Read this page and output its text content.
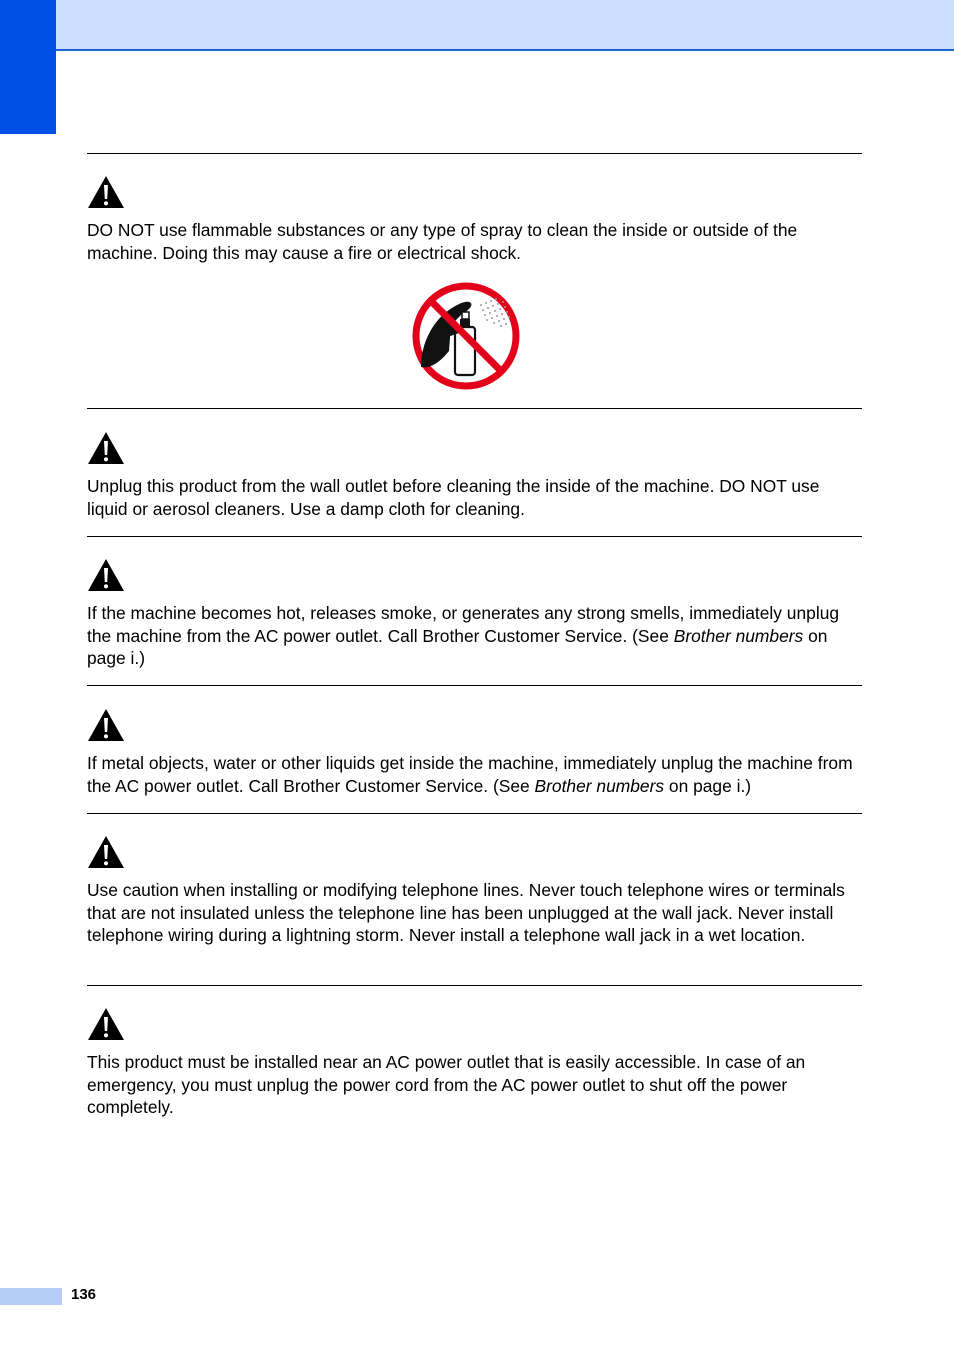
DO NOT use flammable substances or any type of spray to clean the inside or outside of the machine. Doing this may cause a fire or electrical shock.

Unplug this product from the wall outlet before cleaning the inside of the machine. DO NOT use liquid or aerosol cleaners. Use a damp cloth for cleaning.

If the machine becomes hot, releases smoke, or generates any strong smells, immediately unplug the machine from the AC power outlet. Call Brother Customer Service. (See Brother numbers on page i.)

If metal objects, water or other liquids get inside the machine, immediately unplug the machine from the AC power outlet. Call Brother Customer Service. (See Brother numbers on page i.)

Use caution when installing or modifying telephone lines. Never touch telephone wires or terminals that are not insulated unless the telephone line has been unplugged at the wall jack. Never install telephone wiring during a lightning storm. Never install a telephone wall jack in a wet location.

This product must be installed near an AC power outlet that is easily accessible. In case of an emergency, you must unplug the power cord from the AC power outlet to shut off the power completely.

136
